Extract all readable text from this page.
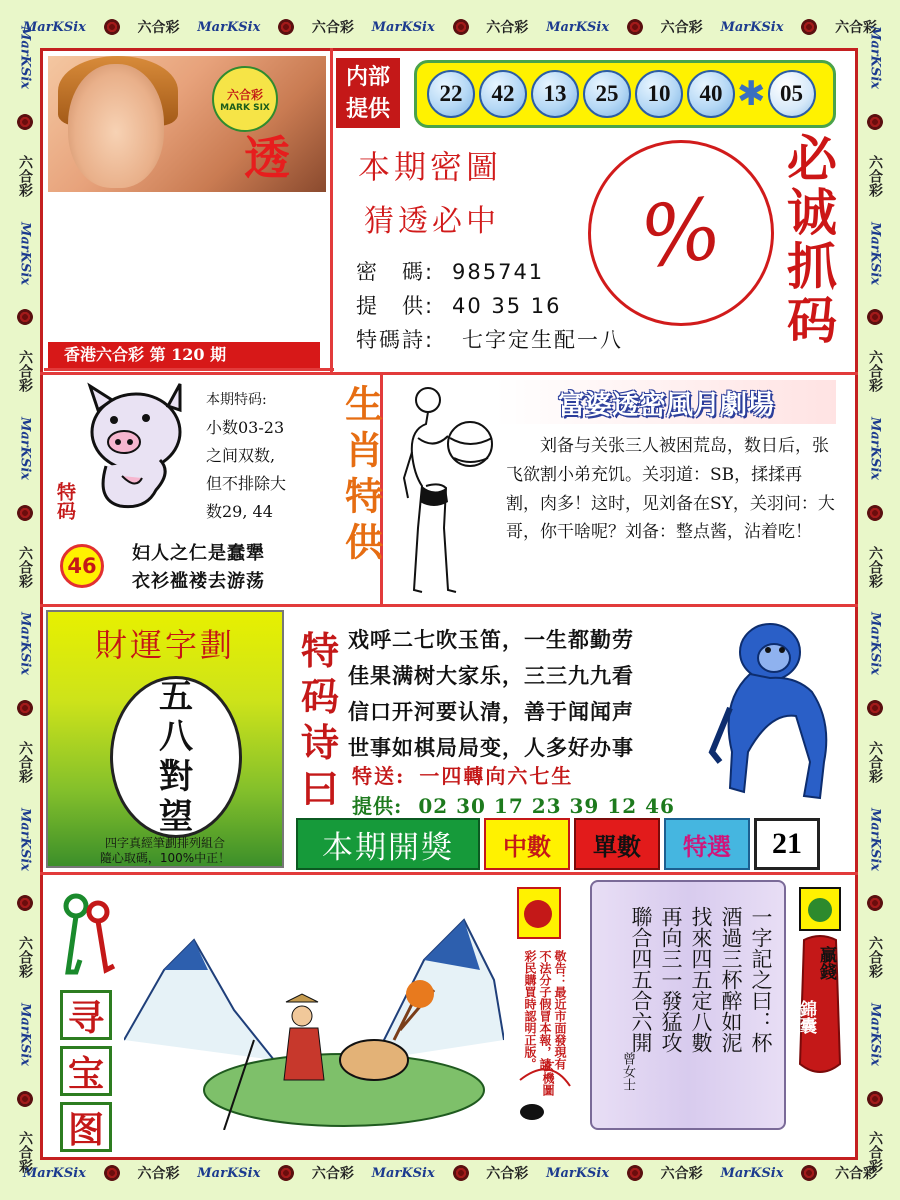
MarKSix	六合彩 MarKSix	六合彩 MarKSix	六合彩 MarKSix	六合彩 MarKSix	六合彩
MarKSix	六合彩 MarKSix	六合彩 MarKSix	六合彩 MarKSix	六合彩 MarKSix	六合彩
MarKSix
六合彩
MarKSix
六合彩
MarKSix
六合彩
MarKSix
六合彩
MarKSix
六合彩
MarKSix
六合彩
MarKSix
六合彩
MarKSix
六合彩
MarKSix
六合彩
MarKSix
六合彩
MarKSix
六合彩
MarKSix
六合彩
六合彩
MARK SIX
透
香港六合彩 第 120 期
内部
提供
22	42	13	25	10	40 ✱ 05
本期密圖
猜透必中
密　碼: 985741
提　供: 40 35 16
特碼詩: 七字定生配一八
% 必诚抓码
特码
46
本期特码:
小数03-23
之间双数,
但不排除大
数29, 44
妇人之仁是蠢犟
衣衫褴褛去游荡
生肖特供	富婆透密風月劇場
刘备与关张三人被困荒岛，数日后，张飞欲割小弟充饥。关羽道：SB，揉揉再割，肉多！这时，见刘备在SY，关羽问：大哥，你干啥呢？刘备：整点酱，沾着吃！
財運字劃
五
八
對
望
四字真經筆劃排列組合
隨心取碼，100%中正！
特
码
诗
曰
戏呼二七吹玉笛，一生都勤劳
佳果满树大家乐，三三九九看
信口开河要认清，善于闻闻声
世事如棋局局变，人多好办事
特送: 一四轉向六七生
提供: 02 30 17 23 39 12 46
本期開獎	中數	單數	特選	21
寻
宝
图
敬告：最近市面發現有不法分子假冒本報，請彩民購買時認明正版。
玄機圖
一字記之曰：杯
酒過三杯醉如泥
找來四五定八數
再向三一發猛攻
聯合四五合六開
曾女士
贏錢
錦囊
